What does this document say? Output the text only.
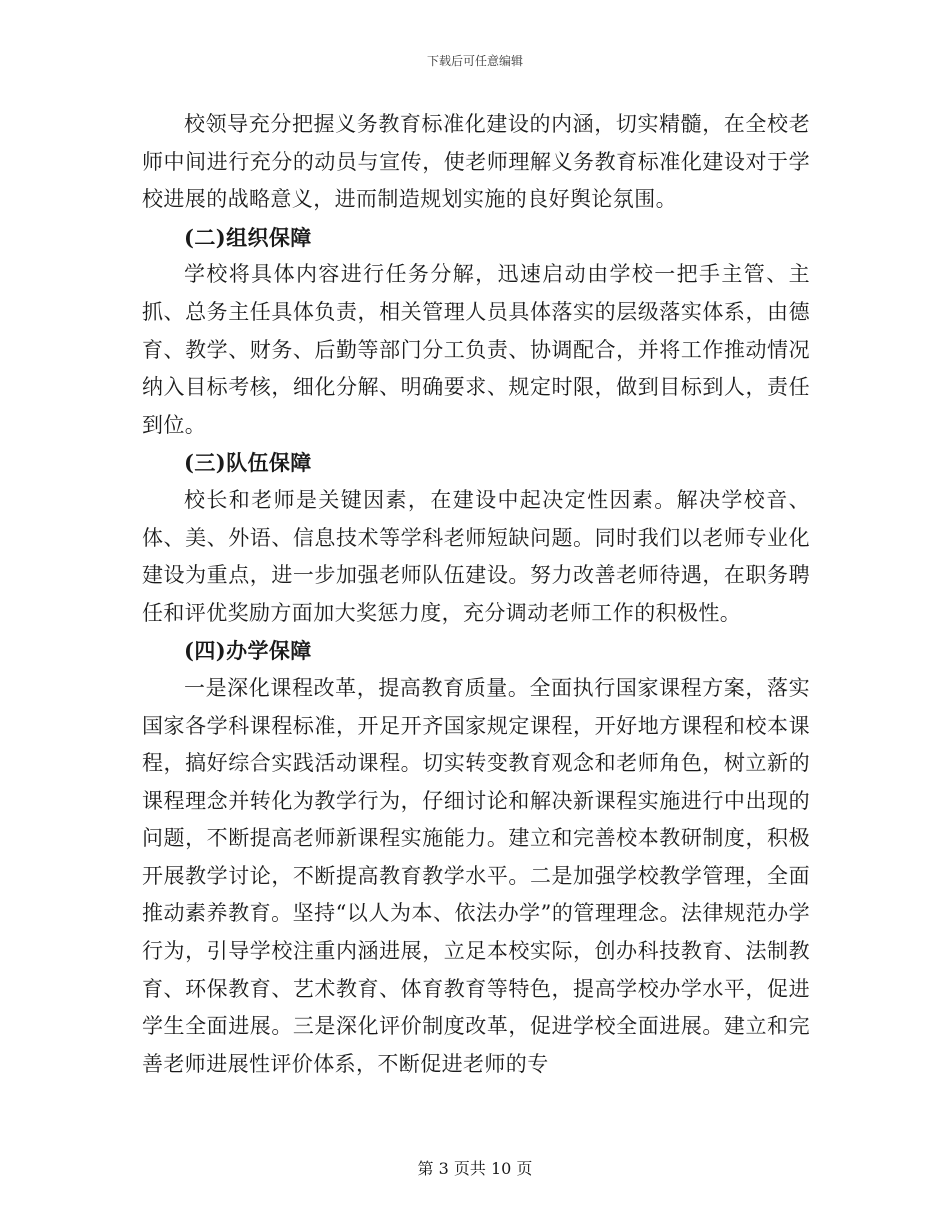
下载后可任意编辑

校领导充分把握义务教育标准化建设的内涵，切实精髓，在全校老师中间进行充分的动员与宣传，使老师理解义务教育标准化建设对于学校进展的战略意义，进而制造规划实施的良好舆论氛围。

(二)组织保障

学校将具体内容进行任务分解，迅速启动由学校一把手主管、主抓、总务主任具体负责，相关管理人员具体落实的层级落实体系，由德育、教学、财务、后勤等部门分工负责、协调配合，并将工作推动情况纳入目标考核，细化分解、明确要求、规定时限，做到目标到人，责任到位。

(三)队伍保障

校长和老师是关键因素，在建设中起决定性因素。解决学校音、体、美、外语、信息技术等学科老师短缺问题。同时我们以老师专业化建设为重点，进一步加强老师队伍建设。努力改善老师待遇，在职务聘任和评优奖励方面加大奖惩力度，充分调动老师工作的积极性。

(四)办学保障

一是深化课程改革，提高教育质量。全面执行国家课程方案，落实国家各学科课程标准，开足开齐国家规定课程，开好地方课程和校本课程，搞好综合实践活动课程。切实转变教育观念和老师角色，树立新的课程理念并转化为教学行为，仔细讨论和解决新课程实施进行中出现的问题，不断提高老师新课程实施能力。建立和完善校本教研制度，积极开展教学讨论，不断提高教育教学水平。二是加强学校教学管理，全面推动素养教育。坚持“以人为本、依法办学”的管理理念。法律规范办学行为，引导学校注重内涵进展，立足本校实际，创办科技教育、法制教育、环保教育、艺术教育、体育教育等特色，提高学校办学水平，促进学生全面进展。三是深化评价制度改革，促进学校全面进展。建立和完善老师进展性评价体系，不断促进老师的专

第 3 页共 10 页
